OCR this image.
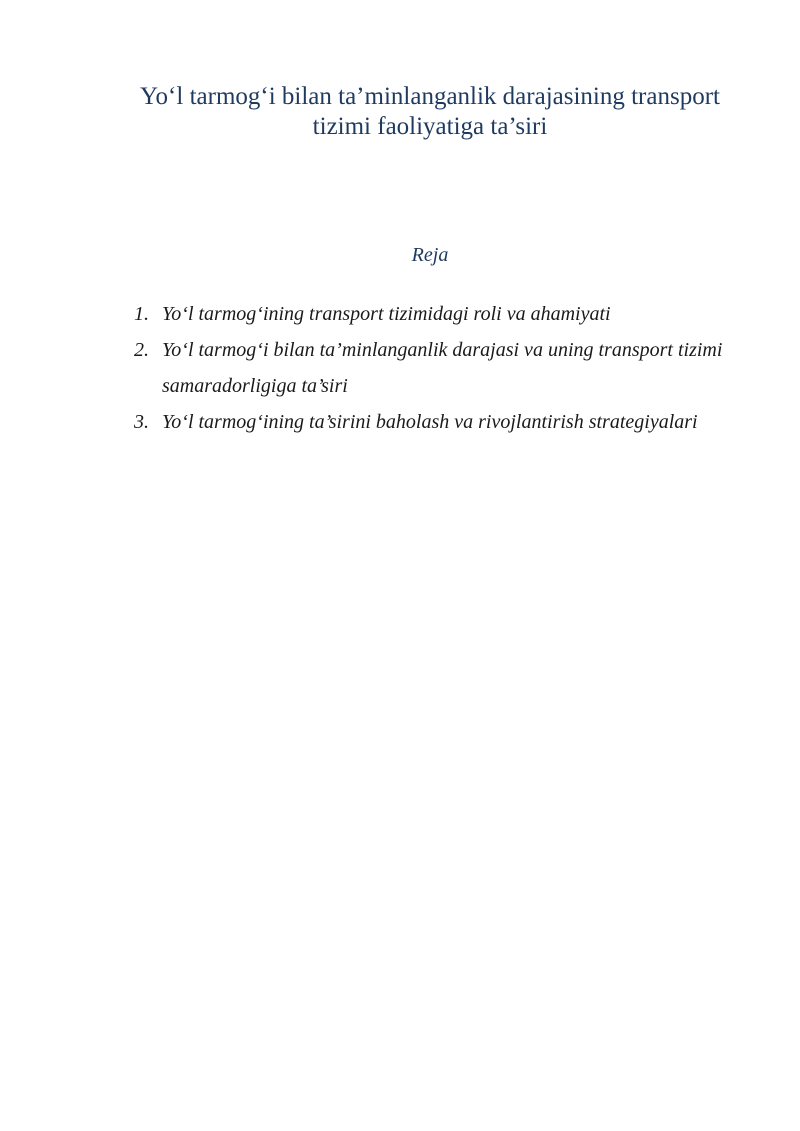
Yo‘l tarmog‘i bilan ta’minlanganlik darajasining transport tizimi faoliyatiga ta’siri
Reja
1. Yo‘l tarmog‘ining transport tizimidagi roli va ahamiyati
2. Yo‘l tarmog‘i bilan ta’minlanganlik darajasi va uning transport tizimi samaradorligiga ta’siri
3. Yo‘l tarmog‘ining ta’sirini baholash va rivojlantirish strategiyalari
